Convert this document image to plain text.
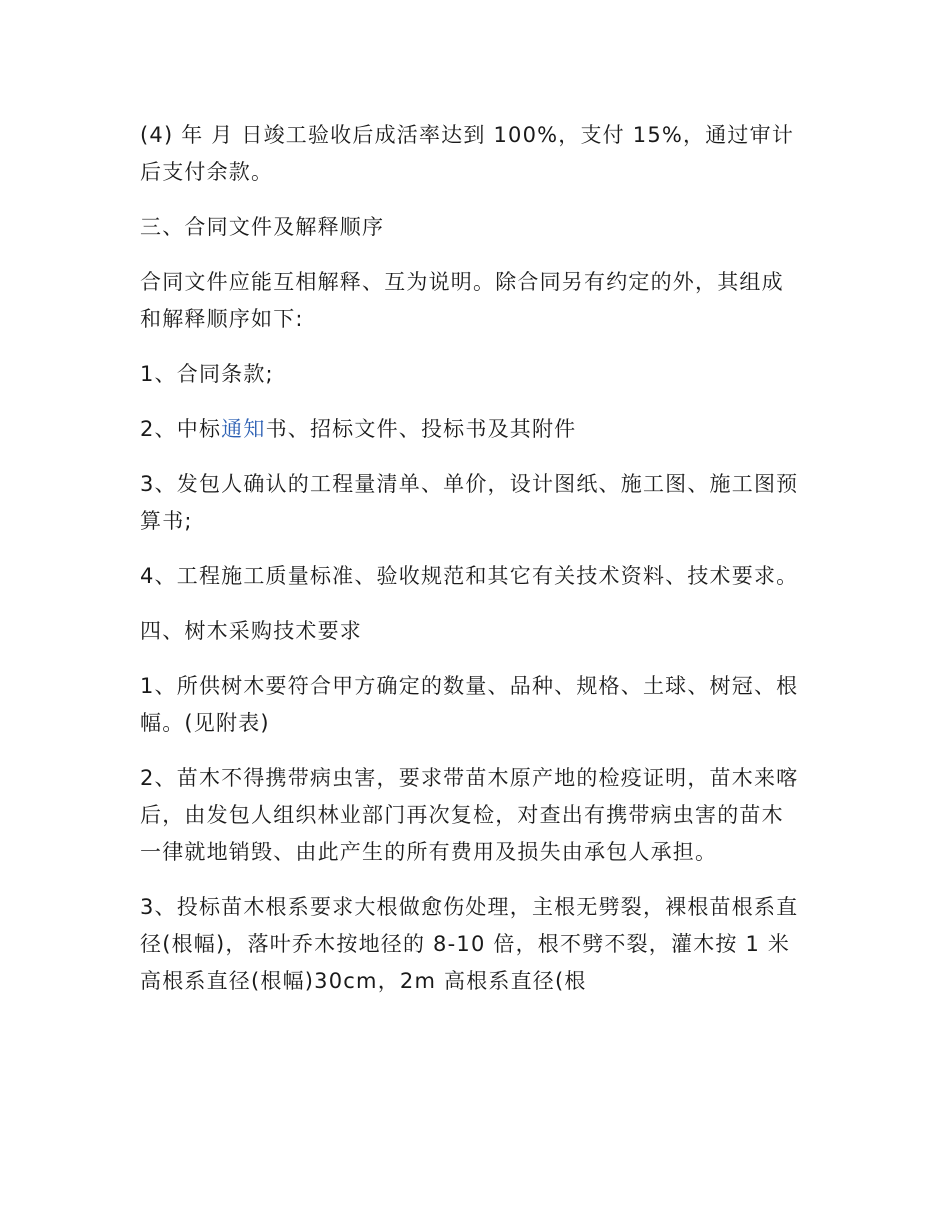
(4) 年 月 日竣工验收后成活率达到 100%，支付 15%，通过审计后支付余款。

三、合同文件及解释顺序

合同文件应能互相解释、互为说明。除合同另有约定的外，其组成和解释顺序如下:

1、合同条款;

2、中标通知书、招标文件、投标书及其附件

3、发包人确认的工程量清单、单价，设计图纸、施工图、施工图预算书;

4、工程施工质量标准、验收规范和其它有关技术资料、技术要求。

四、树木采购技术要求

1、所供树木要符合甲方确定的数量、品种、规格、土球、树冠、根幅。(见附表)

2、苗木不得携带病虫害，要求带苗木原产地的检疫证明，苗木来喀后，由发包人组织林业部门再次复检，对查出有携带病虫害的苗木一律就地销毁、由此产生的所有费用及损失由承包人承担。

3、投标苗木根系要求大根做愈伤处理，主根无劈裂，裸根苗根系直径(根幅)，落叶乔木按地径的 8-10 倍，根不劈不裂，灌木按 1 米高根系直径(根幅)30cm，2m 高根系直径(根
